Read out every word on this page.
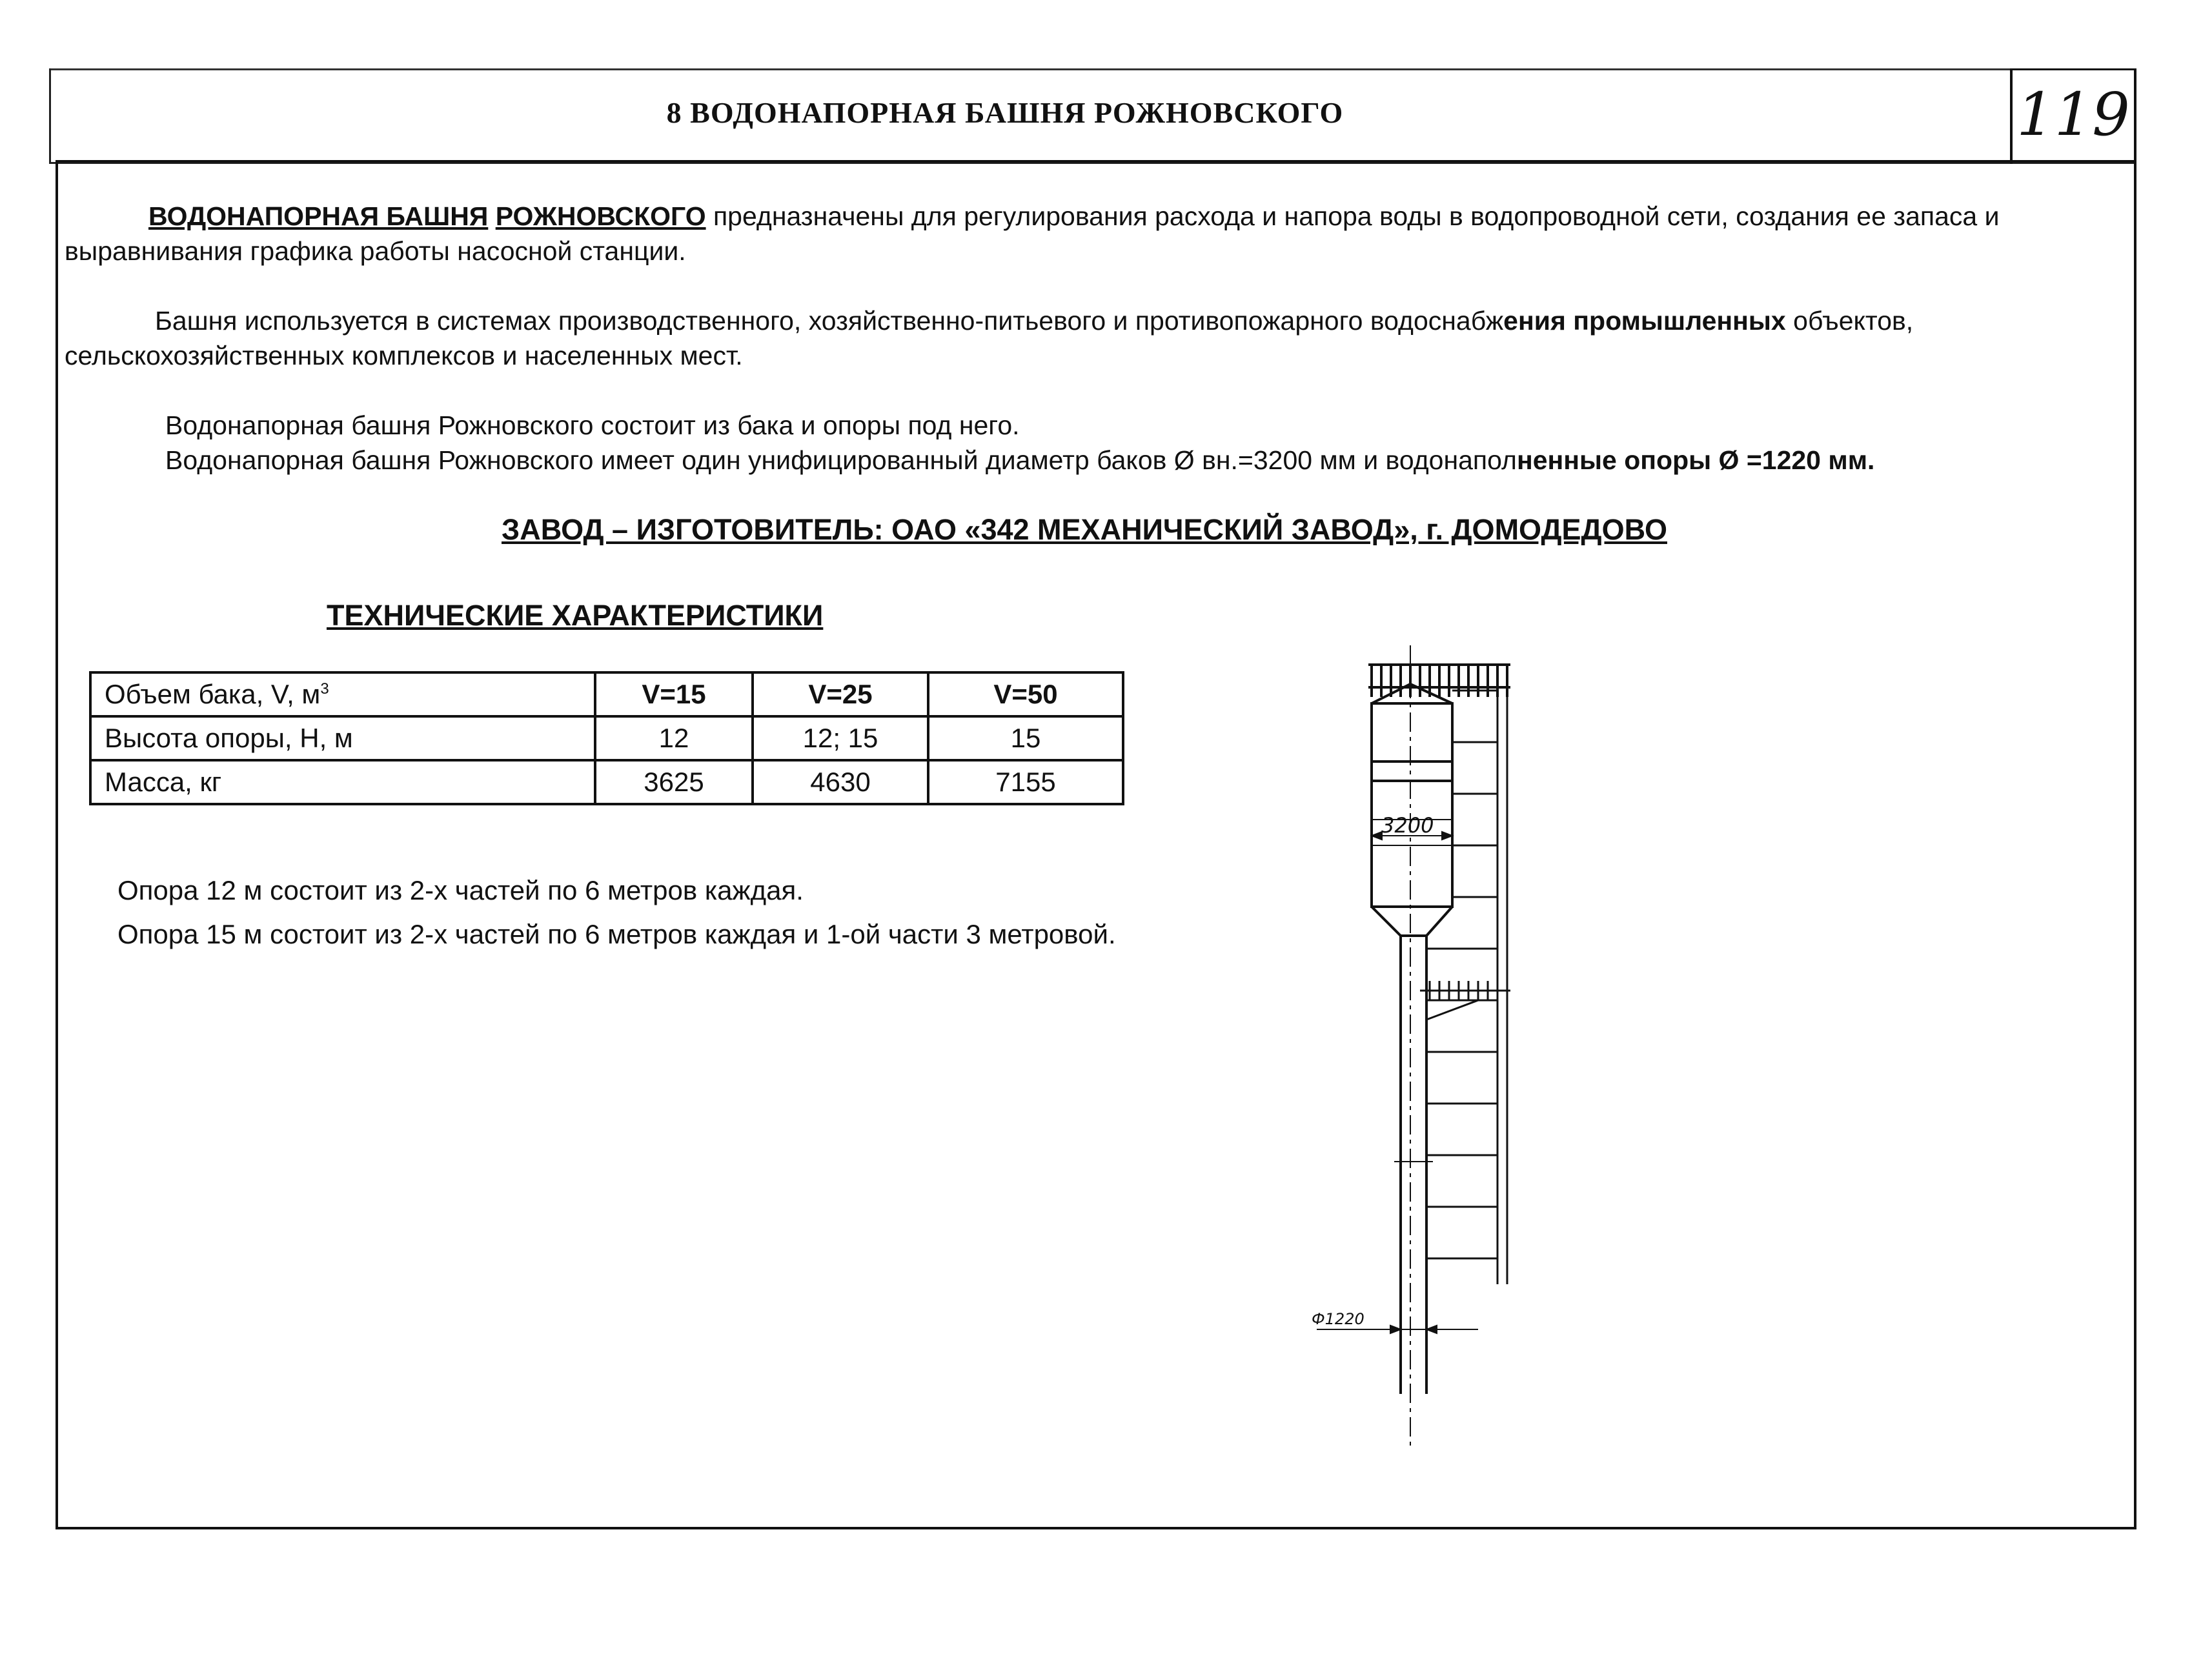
119
8 ВОДОНАПОРНАЯ БАШНЯ РОЖНОВСКОГО
ВОДОНАПОРНАЯ БАШНЯ РОЖНОВСКОГО предназначены для регулирования расхода и напора воды в водопроводной сети, создания ее запаса и выравнивания графика работы насосной станции.
Башня используется в системах производственного, хозяйственно-питьевого и противопожарного водоснабжения промышленных объектов, сельскохозяйственных комплексов и населенных мест.
Водонапорная башня Рожновского состоит из бака и опоры под него.
Водонапорная башня Рожновского имеет один унифицированный диаметр баков Ø вн.=3200 мм и водонаполненные опоры Ø =1220 мм.
ЗАВОД – ИЗГОТОВИТЕЛЬ: ОАО «342 МЕХАНИЧЕСКИЙ ЗАВОД», г. ДОМОДЕДОВО
ТЕХНИЧЕСКИЕ ХАРАКТЕРИСТИКИ
Объем бака, V, $м^3$	V=15	V=25	V=50
Высота опоры, Н, м	12	12; 15	15
Масса, кг	3625	4630	7155
Опора 12 м состоит из 2-х частей по 6 метров каждая.
Опора 15 м состоит из 2-х частей по 6 метров каждая и 1-ой части 3 метровой.
3200
Ф1220
